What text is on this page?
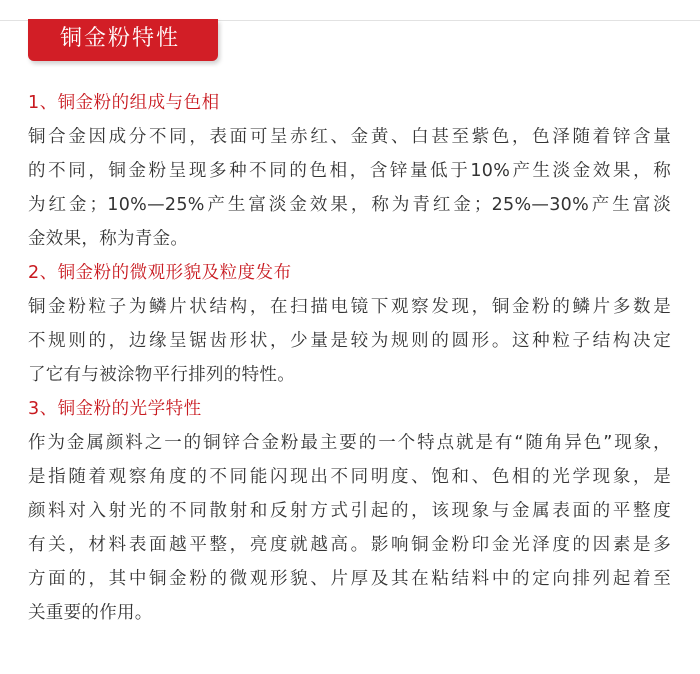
铜金粉特性
1、铜金粉的组成与色相
铜合金因成分不同，表面可呈赤红、金黄、白甚至紫色，色泽随着锌含量
的不同，铜金粉呈现多种不同的色相，含锌量低于10%产生淡金效果，称
为红金；10%—25%产生富淡金效果，称为青红金；25%—30%产生富淡
金效果，称为青金。
2、铜金粉的微观形貌及粒度发布
铜金粉粒子为鳞片状结构，在扫描电镜下观察发现，铜金粉的鳞片多数是
不规则的，边缘呈锯齿形状，少量是较为规则的圆形。这种粒子结构决定
了它有与被涂物平行排列的特性。
3、铜金粉的光学特性
作为金属颜料之一的铜锌合金粉最主要的一个特点就是有“随角异色”现象，
是指随着观察角度的不同能闪现出不同明度、饱和、色相的光学现象，是
颜料对入射光的不同散射和反射方式引起的，该现象与金属表面的平整度
有关，材料表面越平整，亮度就越高。影响铜金粉印金光泽度的因素是多
方面的，其中铜金粉的微观形貌、片厚及其在粘结料中的定向排列起着至
关重要的作用。
